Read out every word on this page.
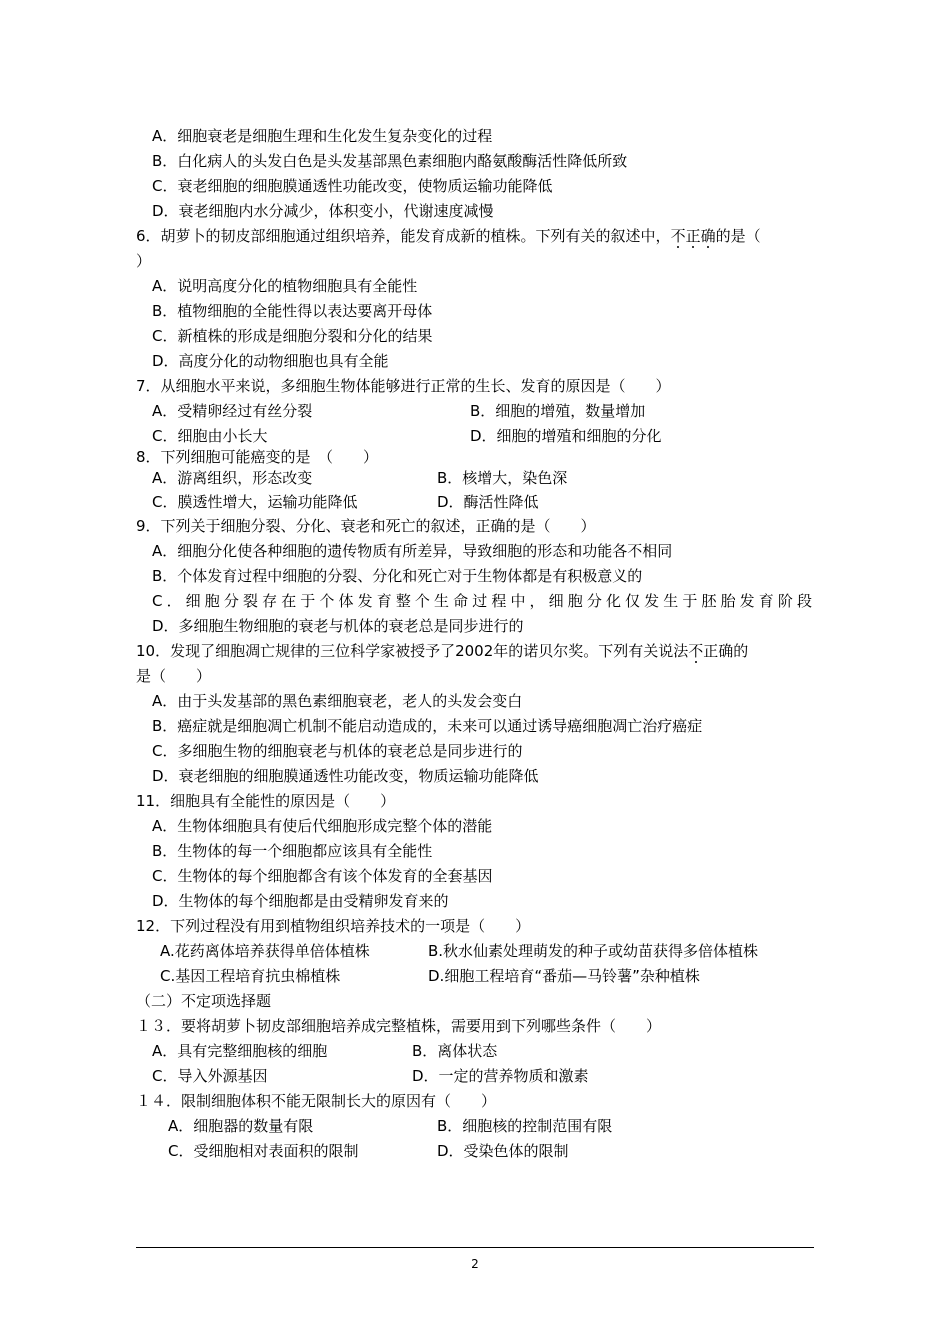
A．细胞衰老是细胞生理和生化发生复杂变化的过程
B．白化病人的头发白色是头发基部黑色素细胞内酪氨酸酶活性降低所致
C．衰老细胞的细胞膜通透性功能改变，使物质运输功能降低
D．衰老细胞内水分减少，体积变小，代谢速度减慢
6．胡萝卜的韧皮部细胞通过组织培养，能发育成新的植株。下列有关的叙述中，不正确的是（
）
A．说明高度分化的植物细胞具有全能性
B．植物细胞的全能性得以表达要离开母体
C．新植株的形成是细胞分裂和分化的结果
D．高度分化的动物细胞也具有全能
7．从细胞水平来说，多细胞生物体能够进行正常的生长、发育的原因是（　　）
A．受精卵经过有丝分裂	B．细胞的增殖，数量增加
C．细胞由小长大	D．细胞的增殖和细胞的分化
8．下列细胞可能癌变的是　（　　）
A．游离组织，形态改变	B．核增大，染色深
C．膜透性增大，运输功能降低	D．酶活性降低
9．下列关于细胞分裂、分化、衰老和死亡的叙述，正确的是（　　）
A．细胞分化使各种细胞的遗传物质有所差异，导致细胞的形态和功能各不相同
B．个体发育过程中细胞的分裂、分化和死亡对于生物体都是有积极意义的
C．细胞分裂存在于个体发育整个生命过程中，细胞分化仅发生于胚胎发育阶段
D．多细胞生物细胞的衰老与机体的衰老总是同步进行的
10．发现了细胞凋亡规律的三位科学家被授予了2002年的诺贝尔奖。下列有关说法不正确的
是（　　）
A．由于头发基部的黑色素细胞衰老，老人的头发会变白
B．癌症就是细胞凋亡机制不能启动造成的，未来可以通过诱导癌细胞凋亡治疗癌症
C．多细胞生物的细胞衰老与机体的衰老总是同步进行的
D．衰老细胞的细胞膜通透性功能改变，物质运输功能降低
11．细胞具有全能性的原因是（　　）
A．生物体细胞具有使后代细胞形成完整个体的潜能
B．生物体的每一个细胞都应该具有全能性
C．生物体的每个细胞都含有该个体发育的全套基因
D．生物体的每个细胞都是由受精卵发育来的
12．下列过程没有用到植物组织培养技术的一项是（　　）
A.花药离体培养获得单倍体植株	B.秋水仙素处理萌发的种子或幼苗获得多倍体植株
C.基因工程培育抗虫棉植株	D.细胞工程培育“番茄—马铃薯”杂种植株
（二）不定项选择题
１３．要将胡萝卜韧皮部细胞培养成完整植株，需要用到下列哪些条件（　　）
A．具有完整细胞核的细胞	B．离体状态
C．导入外源基因	D．一定的营养物质和激素
１４．限制细胞体积不能无限制长大的原因有（　　）
A．细胞器的数量有限	B．细胞核的控制范围有限
C．受细胞相对表面积的限制	D．受染色体的限制
2
